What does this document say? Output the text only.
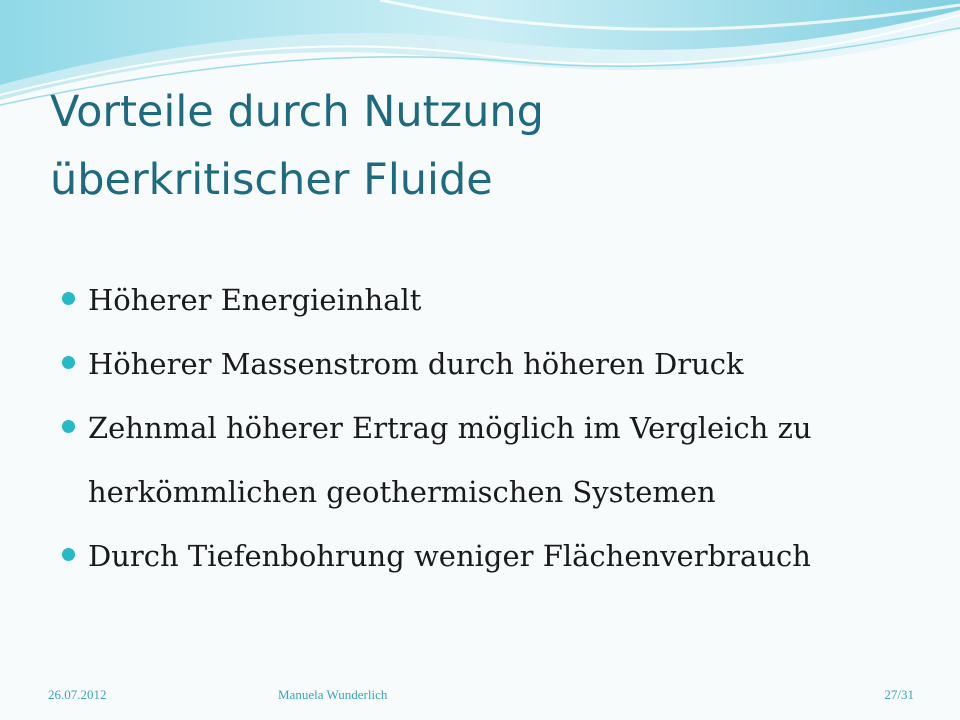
Vorteile durch Nutzung
überkritischer Fluide
Höherer Energieinhalt
Höherer Massenstrom durch höheren Druck
Zehnmal höherer Ertrag möglich im Vergleich zu herkömmlichen geothermischen Systemen
Durch Tiefenbohrung weniger Flächenverbrauch
26.07.2012	Manuela Wunderlich	27/31
